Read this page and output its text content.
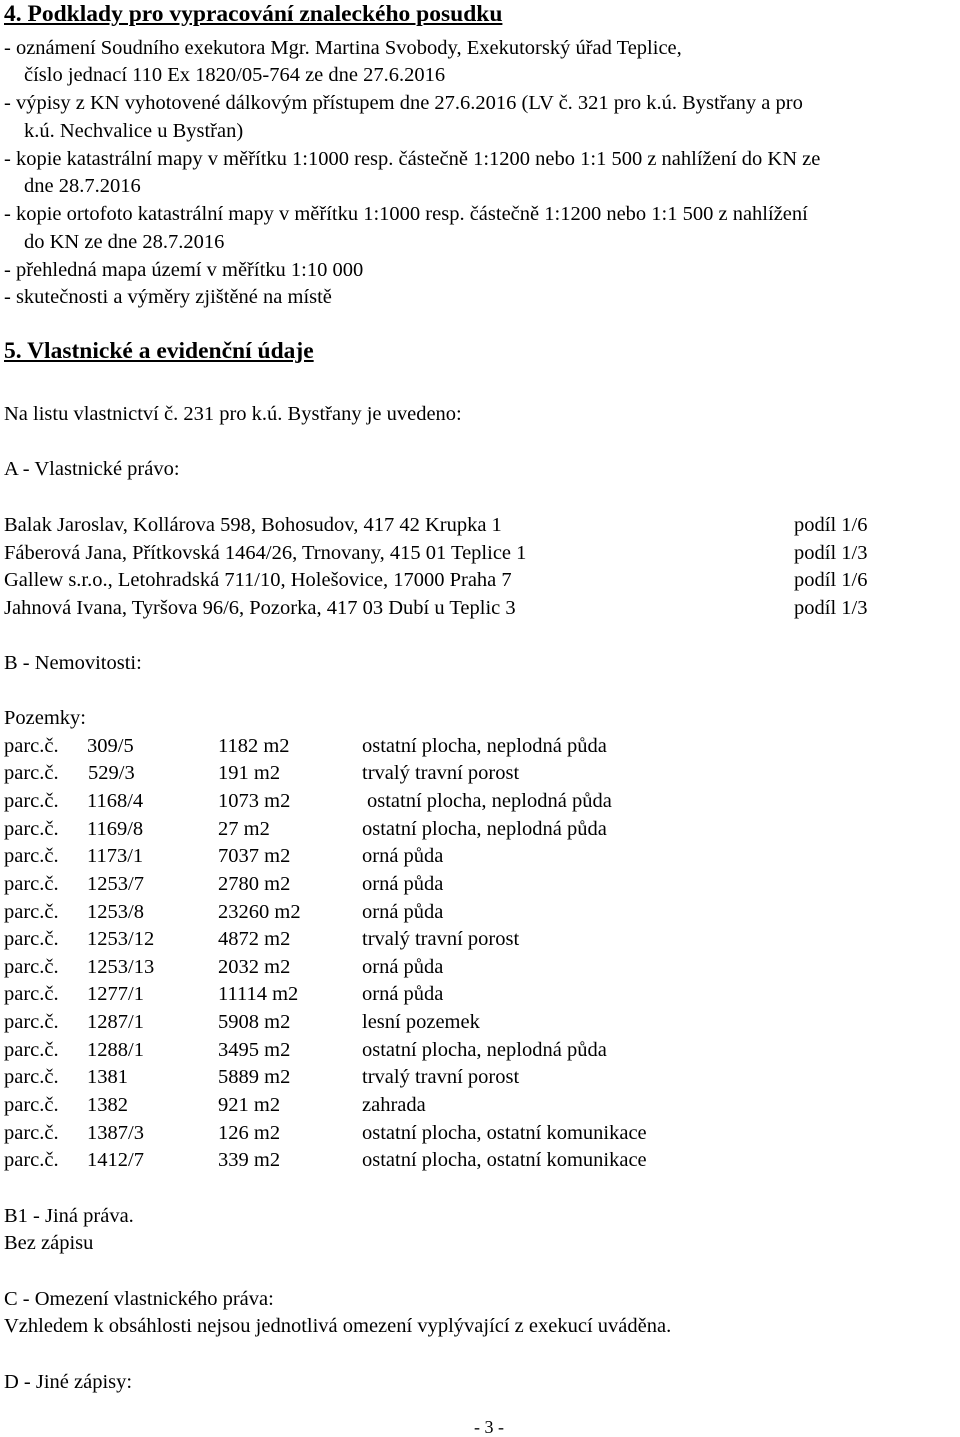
4. Podklady pro vypracování znaleckého posudku
- oznámení Soudního exekutora Mgr. Martina Svobody, Exekutorský úřad Teplice,
číslo jednací 110 Ex 1820/05-764 ze dne 27.6.2016
- výpisy z KN vyhotovené dálkovým přístupem dne 27.6.2016 (LV č. 321 pro k.ú. Bystřany a pro
k.ú. Nechvalice u Bystřan)
- kopie katastrální mapy v měřítku 1:1000 resp. částečně 1:1200 nebo 1:1 500 z nahlížení do KN ze
dne 28.7.2016
- kopie ortofoto katastrální mapy v měřítku 1:1000 resp. částečně 1:1200 nebo 1:1 500 z nahlížení
do KN ze dne 28.7.2016
- přehledná mapa území v měřítku 1:10 000
- skutečnosti a výměry zjištěné na místě
5. Vlastnické a evidenční údaje
Na listu vlastnictví č. 231 pro k.ú. Bystřany je uvedeno:
A - Vlastnické právo:
Balak Jaroslav, Kollárova 598, Bohosudov, 417 42 Krupka 1	podíl 1/6
Fáberová Jana, Přítkovská 1464/26, Trnovany, 415 01 Teplice 1	podíl 1/3
Gallew s.r.o., Letohradská 711/10, Holešovice, 17000 Praha 7	podíl 1/6
Jahnová Ivana, Tyršova 96/6, Pozorka, 417 03 Dubí u Teplic 3	podíl 1/3
B - Nemovitosti:
Pozemky:
parc.č. 309/5	1182 m2	ostatní plocha, neplodná půda
parc.č. 529/3	191 m2	trvalý travní porost
parc.č. 1168/4	1073 m2	ostatní plocha, neplodná půda
parc.č. 1169/8	27 m2	ostatní plocha, neplodná půda
parc.č. 1173/1	7037 m2	orná půda
parc.č. 1253/7	2780 m2	orná půda
parc.č. 1253/8	23260 m2	orná půda
parc.č. 1253/12	4872 m2	trvalý travní porost
parc.č. 1253/13	2032 m2	orná půda
parc.č. 1277/1	11114 m2	orná půda
parc.č. 1287/1	5908 m2	lesní pozemek
parc.č. 1288/1	3495 m2	ostatní plocha, neplodná půda
parc.č. 1381	5889 m2	trvalý travní porost
parc.č. 1382	921 m2	zahrada
parc.č. 1387/3	126 m2	ostatní plocha, ostatní komunikace
parc.č. 1412/7	339 m2	ostatní plocha, ostatní komunikace
B1 - Jiná práva.
Bez zápisu
C - Omezení vlastnického práva:
Vzhledem k obsáhlosti nejsou jednotlivá omezení vyplývající z exekucí uváděna.
D - Jiné zápisy:
- 3 -
